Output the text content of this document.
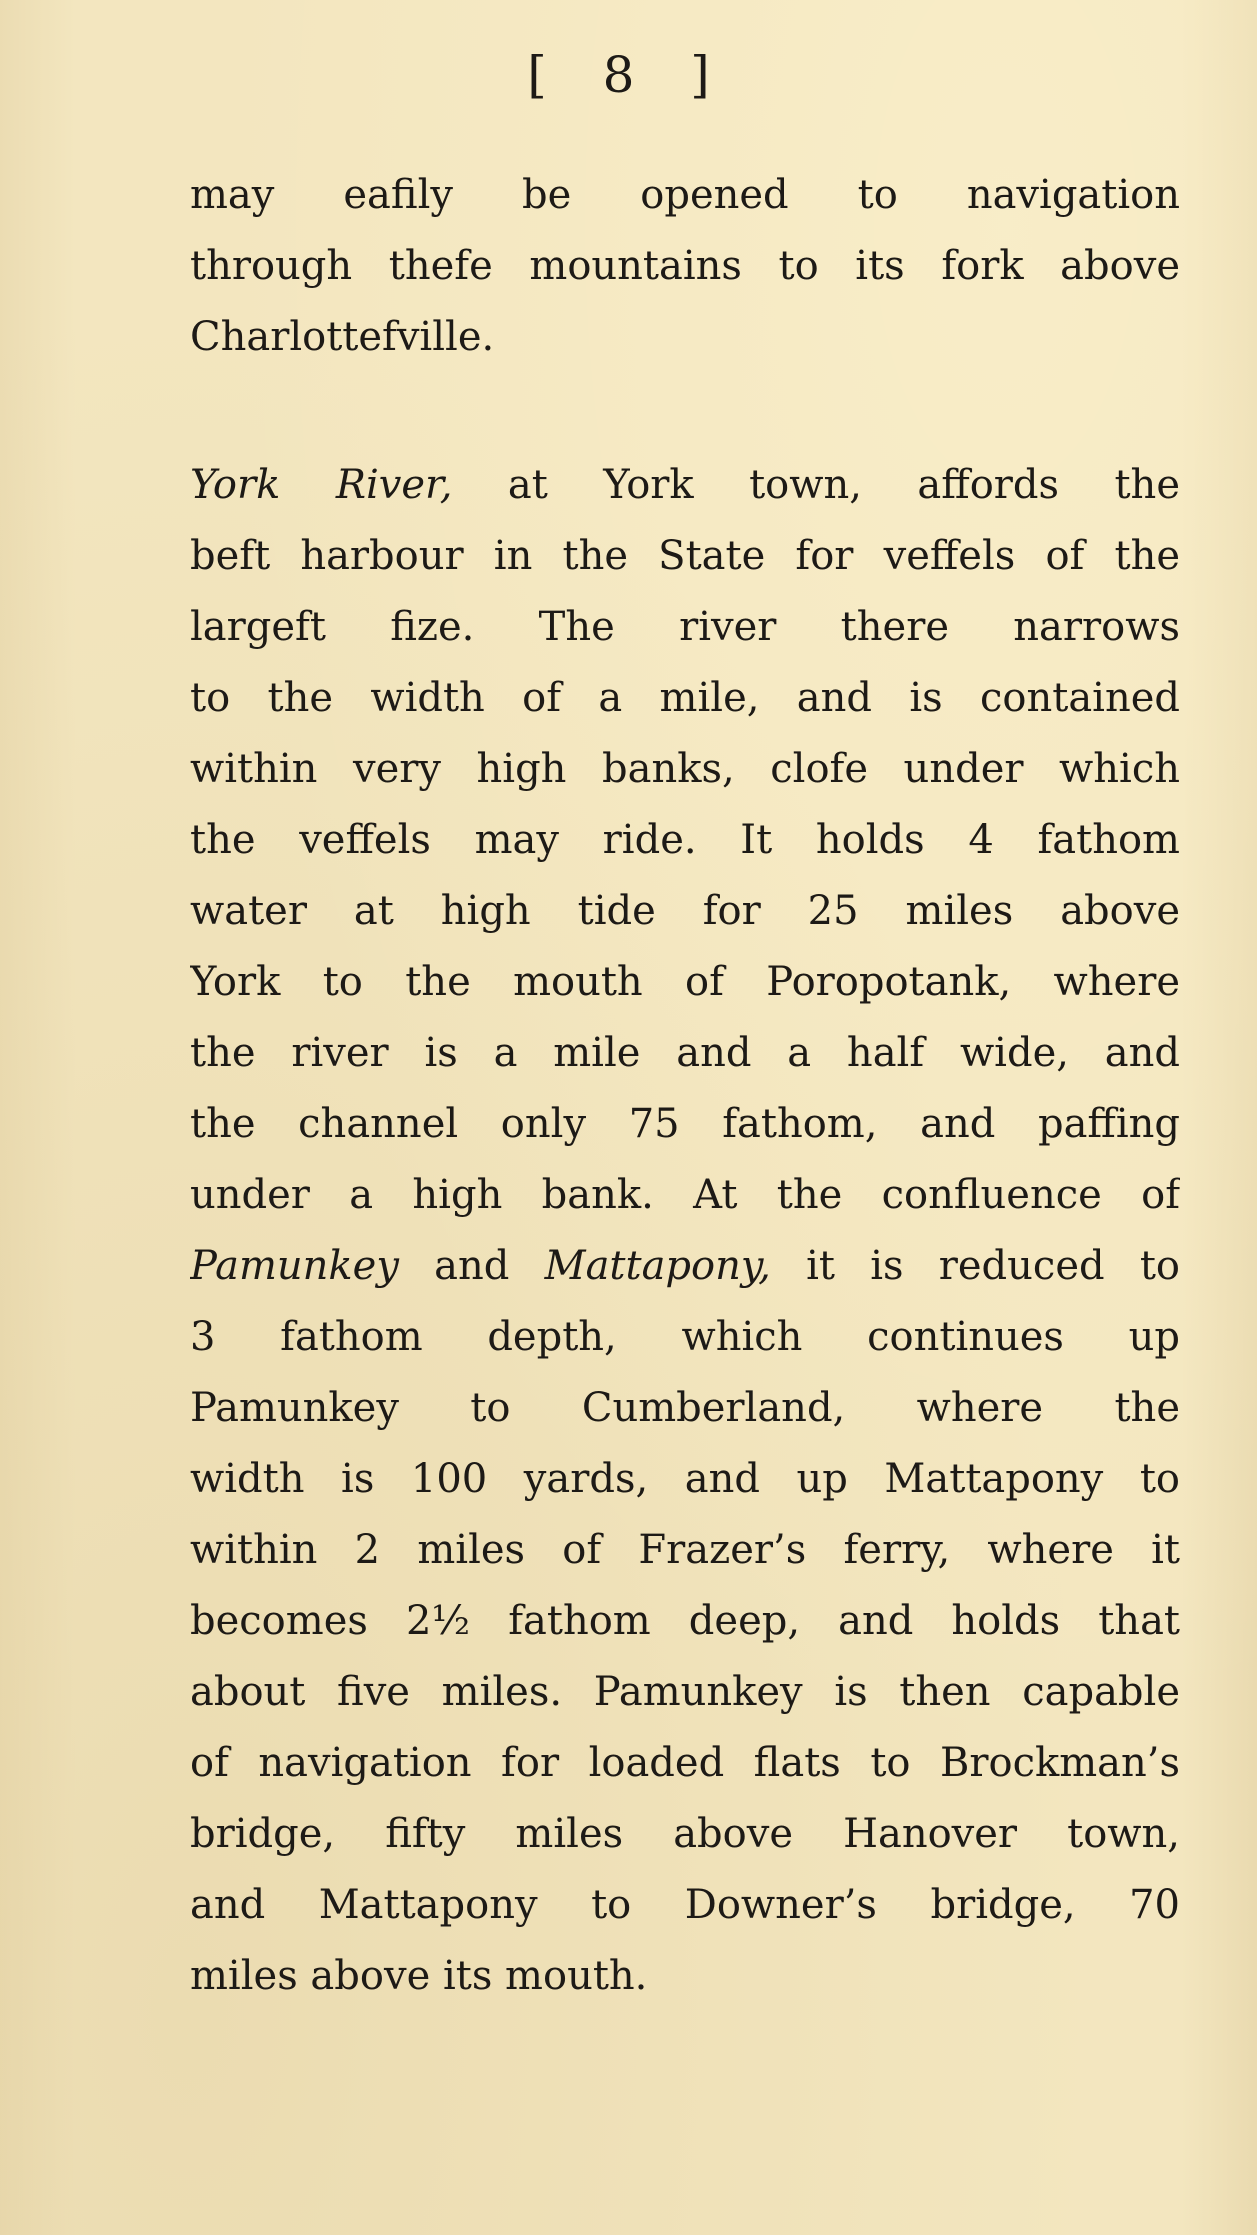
[ 8 ]
may eafily be opened to navigation
through thefe mountains to its fork above
Charlottefville.
York River, at York town, affords the
beft harbour in the State for veffels of the
largeft fize. The river there narrows
to the width of a mile, and is contained
within very high banks, clofe under which
the veffels may ride. It holds 4 fathom
water at high tide for 25 miles above
York to the mouth of Poropotank, where
the river is a mile and a half wide, and
the channel only 75 fathom, and paffing
under a high bank. At the confluence of
Pamunkey and Mattapony, it is reduced to
3 fathom depth, which continues up
Pamunkey to Cumberland, where the
width is 100 yards, and up Mattapony to
within 2 miles of Frazer’s ferry, where it
becomes 2½ fathom deep, and holds that
about five miles. Pamunkey is then capable
of navigation for loaded flats to Brockman’s
bridge, fifty miles above Hanover town,
and Mattapony to Downer’s bridge, 70
miles above its mouth.
